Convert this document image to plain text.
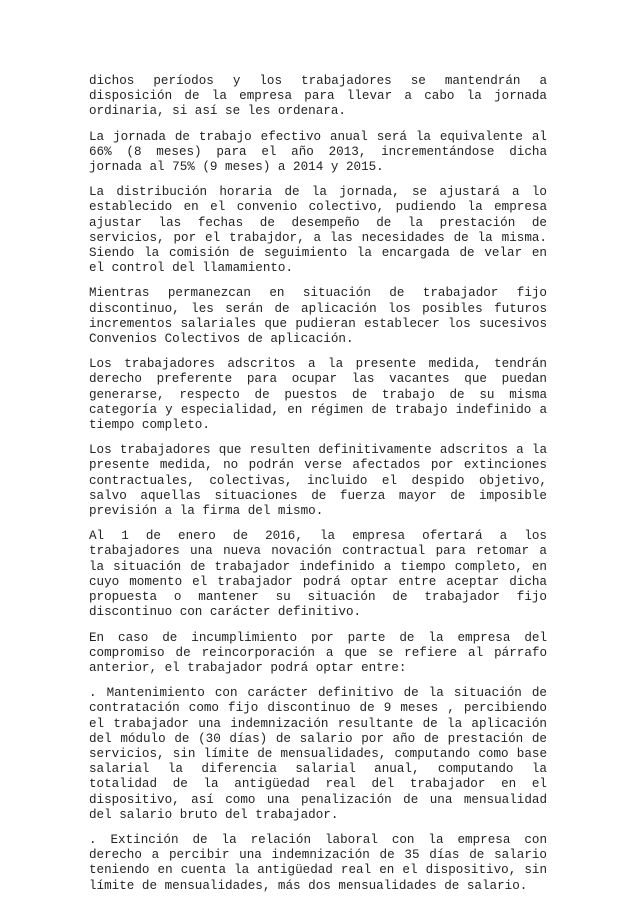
dichos períodos y los trabajadores se mantendrán a disposición de la empresa para llevar a cabo la jornada ordinaria, si así se les ordenara.

La jornada de trabajo efectivo anual será la equivalente al 66% (8 meses) para el año 2013, incrementándose dicha jornada al 75% (9 meses) a 2014 y 2015.

La distribución horaria de la jornada, se ajustará a lo establecido en el convenio colectivo, pudiendo la empresa ajustar las fechas de desempeño de la prestación de servicios, por el trabajdor, a las necesidades de la misma. Siendo la comisión de seguimiento la encargada de velar en el control del llamamiento.

Mientras permanezcan en situación de trabajador fijo discontinuo, les serán de aplicación los posibles futuros incrementos salariales que pudieran establecer los sucesivos Convenios Colectivos de aplicación.

Los trabajadores adscritos a la presente medida, tendrán derecho preferente para ocupar las vacantes que puedan generarse, respecto de puestos de trabajo de su misma categoría y especialidad, en régimen de trabajo indefinido a tiempo completo.

Los trabajadores que resulten definitivamente adscritos a la presente medida, no podrán verse afectados por extinciones contractuales, colectivas, incluido el despido objetivo, salvo aquellas situaciones de fuerza mayor de imposible previsión a la firma del mismo.

Al 1 de enero de 2016, la empresa ofertará a los trabajadores una nueva novación contractual para retomar a la situación de trabajador indefinido a tiempo completo, en cuyo momento el trabajador podrá optar entre aceptar dicha propuesta o mantener su situación de trabajador fijo discontinuo con carácter definitivo.

En caso de incumplimiento por parte de la empresa del compromiso de reincorporación a que se refiere al párrafo anterior, el trabajador podrá optar entre:

. Mantenimiento con carácter definitivo de la situación de contratación como fijo discontinuo de 9 meses , percibiendo el trabajador una indemnización resultante de la aplicación del módulo de (30 días) de salario por año de prestación de servicios, sin límite de mensualidades, computando como base salarial la diferencia salarial anual, computando la totalidad de la antigüedad real del trabajador en el dispositivo, así como una penalización de una mensualidad del salario bruto del trabajador.

. Extinción de la relación laboral con la empresa con derecho a percibir una indemnización de 35 días de salario teniendo en cuenta la antigüedad real en el dispositivo, sin límite de mensualidades, más dos mensualidades de salario.
